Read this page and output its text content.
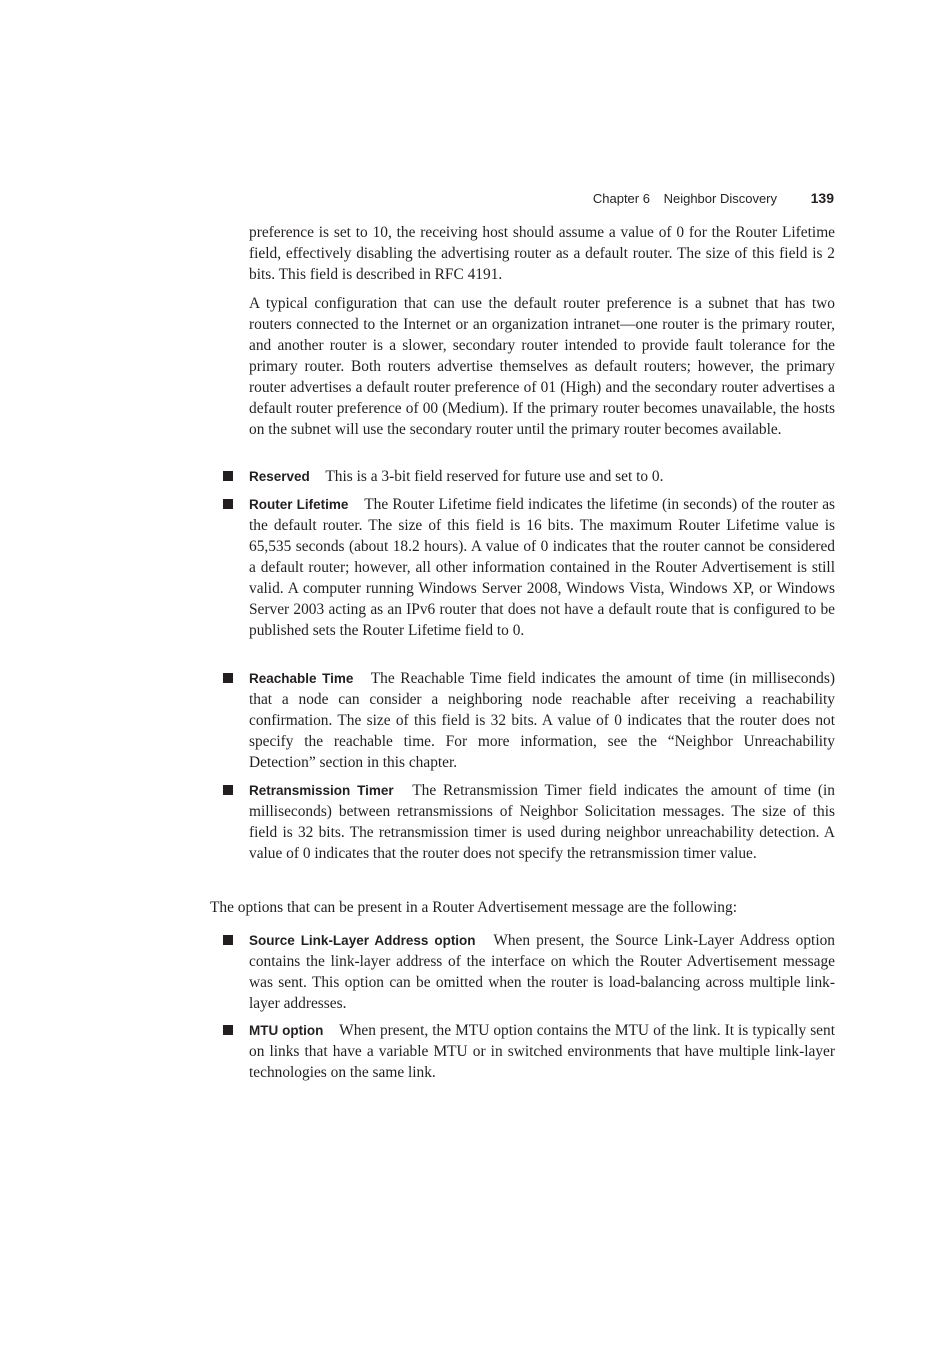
Chapter 6 Neighbor Discovery 139

preference is set to 10, the receiving host should assume a value of 0 for the Router Lifetime field, effectively disabling the advertising router as a default router. The size of this field is 2 bits. This field is described in RFC 4191.

A typical configuration that can use the default router preference is a subnet that has two routers connected to the Internet or an organization intranet—one router is the primary router, and another router is a slower, secondary router intended to provide fault tolerance for the primary router. Both routers advertise themselves as default routers; however, the primary router advertises a default router preference of 01 (High) and the secondary router advertises a default router preference of 00 (Medium). If the primary router becomes unavailable, the hosts on the subnet will use the secondary router until the primary router becomes available.

Reserved This is a 3-bit field reserved for future use and set to 0.
Router Lifetime The Router Lifetime field indicates the lifetime (in seconds) of the router as the default router. The size of this field is 16 bits. The maximum Router Lifetime value is 65,535 seconds (about 18.2 hours). A value of 0 indicates that the router cannot be considered a default router; however, all other information contained in the Router Advertisement is still valid. A computer running Windows Server 2008, Windows Vista, Windows XP, or Windows Server 2003 acting as an IPv6 router that does not have a default route that is configured to be published sets the Router Lifetime field to 0.
Reachable Time The Reachable Time field indicates the amount of time (in milliseconds) that a node can consider a neighboring node reachable after receiving a reachability confirmation. The size of this field is 32 bits. A value of 0 indicates that the router does not specify the reachable time. For more information, see the “Neighbor Unreachability Detection” section in this chapter.
Retransmission Timer The Retransmission Timer field indicates the amount of time (in milliseconds) between retransmissions of Neighbor Solicitation messages. The size of this field is 32 bits. The retransmission timer is used during neighbor unreachability detection. A value of 0 indicates that the router does not specify the retransmission timer value.

The options that can be present in a Router Advertisement message are the following:

Source Link-Layer Address option When present, the Source Link-Layer Address option contains the link-layer address of the interface on which the Router Advertisement message was sent. This option can be omitted when the router is load-balancing across multiple link-layer addresses.
MTU option When present, the MTU option contains the MTU of the link. It is typically sent on links that have a variable MTU or in switched environments that have multiple link-layer technologies on the same link.
